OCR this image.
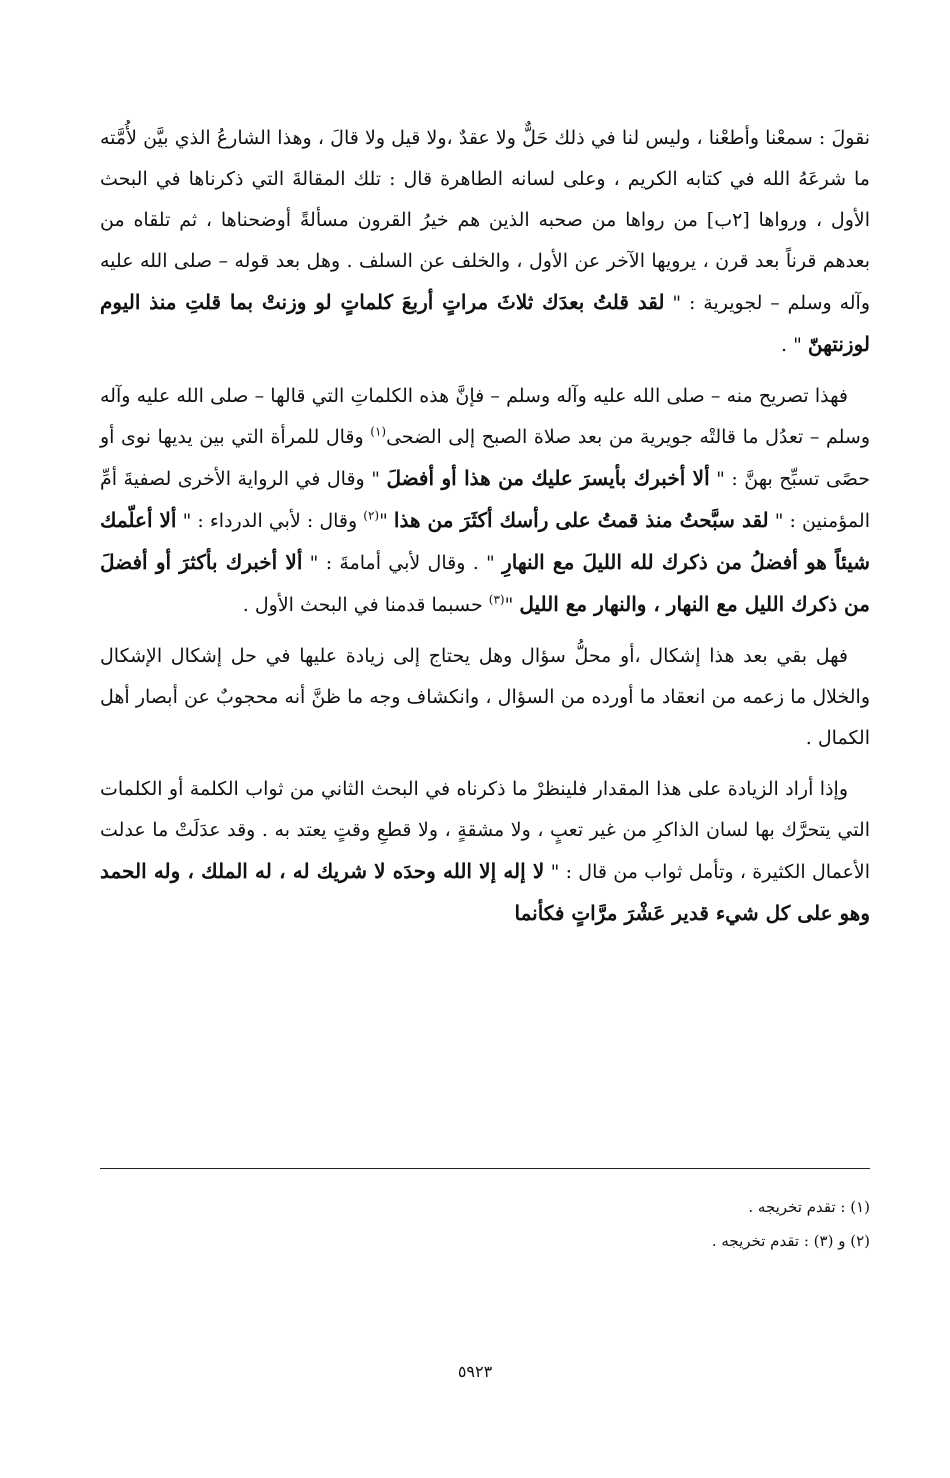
نقولَ : سمعْنا وأطعْنا ، وليس لنا في ذلك حَلٌّ ولا عقدٌ ،ولا قيل ولا قالَ ، وهذا الشارعُ الذي بيَّن لأُمَّته ما شرعَهُ الله في كتابه الكريم ، وعلى لسانه الطاهرة قال : تلك المقالةَ التي ذكرناها في البحث الأول ، ورواها [٢ب] من رواها من صحبه الذين هم خيرُ القرون مسألةً أوضحناها ، ثم تلقاه من بعدهم قرناً بعد قرن ، يرويها الآخر عن الأول ، والخلف عن السلف . وهل بعد قوله – صلى الله عليه وآله وسلم – لجويرية : " لقد قلتُ بعدَك ثلاثَ مراتٍ أربعَ كلماتٍ لو وزنتْ بما قلتِ منذ اليوم لوزنتهنّ " .

فهذا تصريح منه – صلى الله عليه وآله وسلم – فإنَّ هذه الكلماتِ التي قالها – صلى الله عليه وآله وسلم – تعدُل ما قالتْه جويرية من بعد صلاة الصبح إلى الضحى$^{(١)}$ وقال للمرأة التي بين يديها نوى أو حصًى تسبِّح بهنَّ : " ألا أخبرك بأيسرَ عليك من هذا أو أفضلَ " وقال في الرواية الأخرى لصفيةَ أمِّ المؤمنين : " لقد سبَّحتُ منذ قمتُ على رأسك أكثَرَ من هذا "$^{(٢)}$ وقال : لأبي الدرداء : " ألا أعلّمك شيئاً هو أفضلُ من ذكرك لله الليلَ مع النهارِ " . وقال لأبي أمامةَ : " ألا أخبرك بأكثرَ أو أفضلَ من ذكرك الليل مع النهار ، والنهار مع الليل "$^{(٣)}$ حسبما قدمنا في البحث الأول .

فهل بقي بعد هذا إشكال ،أو محلُّ سؤال وهل يحتاج إلى زيادة عليها في حل إشكال الإشكال والخلال ما زعمه من انعقاد ما أورده من السؤال ، وانكشاف وجه ما ظنَّ أنه محجوبٌ عن أبصار أهل الكمال .

وإذا أراد الزيادة على هذا المقدار فلينظرْ ما ذكرناه في البحث الثاني من ثواب الكلمة أو الكلمات التي يتحرَّك بها لسان الذاكرِ من غير تعبٍ ، ولا مشقةٍ ، ولا قطعِ وقتٍ يعتد به . وقد عدَلَتْ ما عدلت الأعمال الكثيرة ، وتأمل ثواب من قال : " لا إله إلا الله وحدَه لا شريك له ، له الملك ، وله الحمد وهو على كل شيء قدير عَشْرَ مرَّاتٍ فكأنما

(١) : تقدم تخريجه .

(٢) و (٣) : تقدم تخريجه .

٥٩٢٣
